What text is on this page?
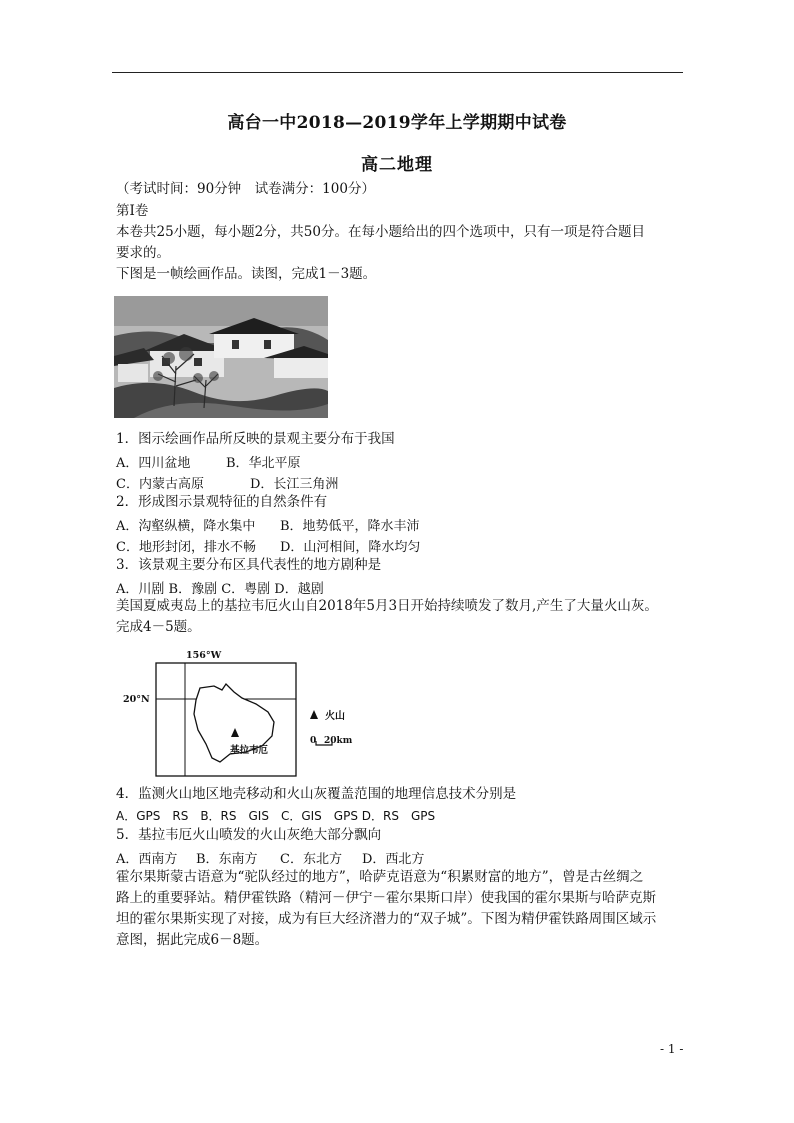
高台一中2018—2019学年上学期期中试卷
高二地理
（考试时间：90分钟　试卷满分：100分）
第Ⅰ卷
本卷共25小题，每小题2分，共50分。在每小题给出的四个选项中，只有一项是符合题目
要求的。
下图是一帧绘画作品。读图，完成1－3题。
1．图示绘画作品所反映的景观主要分布于我国
A．四川盆地	B．华北平原
C．内蒙古高原	D．长江三角洲
2．形成图示景观特征的自然条件有
A．沟壑纵横，降水集中 B．地势低平，降水丰沛
C．地形封闭，排水不畅 D．山河相间，降水均匀
3．该景观主要分布区具代表性的地方剧种是
A．川剧 B．豫剧 C．粤剧 D．越剧
美国夏威夷岛上的基拉韦厄火山自2018年5月3日开始持续喷发了数月,产生了大量火山灰。
完成4－5题。
基拉韦厄
156°W
20°N
火山
0 20km
4．监测火山地区地壳移动和火山灰覆盖范围的地理信息技术分别是
A．GPS　RS　B．RS　GIS　C．GIS　GPS D．RS　GPS
5．基拉韦厄火山喷发的火山灰绝大部分飘向
A．西南方 B．东南方 C．东北方 D．西北方
霍尔果斯蒙古语意为“驼队经过的地方”，哈萨克语意为“积累财富的地方”，曾是古丝绸之
路上的重要驿站。精伊霍铁路（精河－伊宁－霍尔果斯口岸）使我国的霍尔果斯与哈萨克斯
坦的霍尔果斯实现了对接，成为有巨大经济潜力的“双子城”。下图为精伊霍铁路周围区域示
意图，据此完成6－8题。
- 1 -
